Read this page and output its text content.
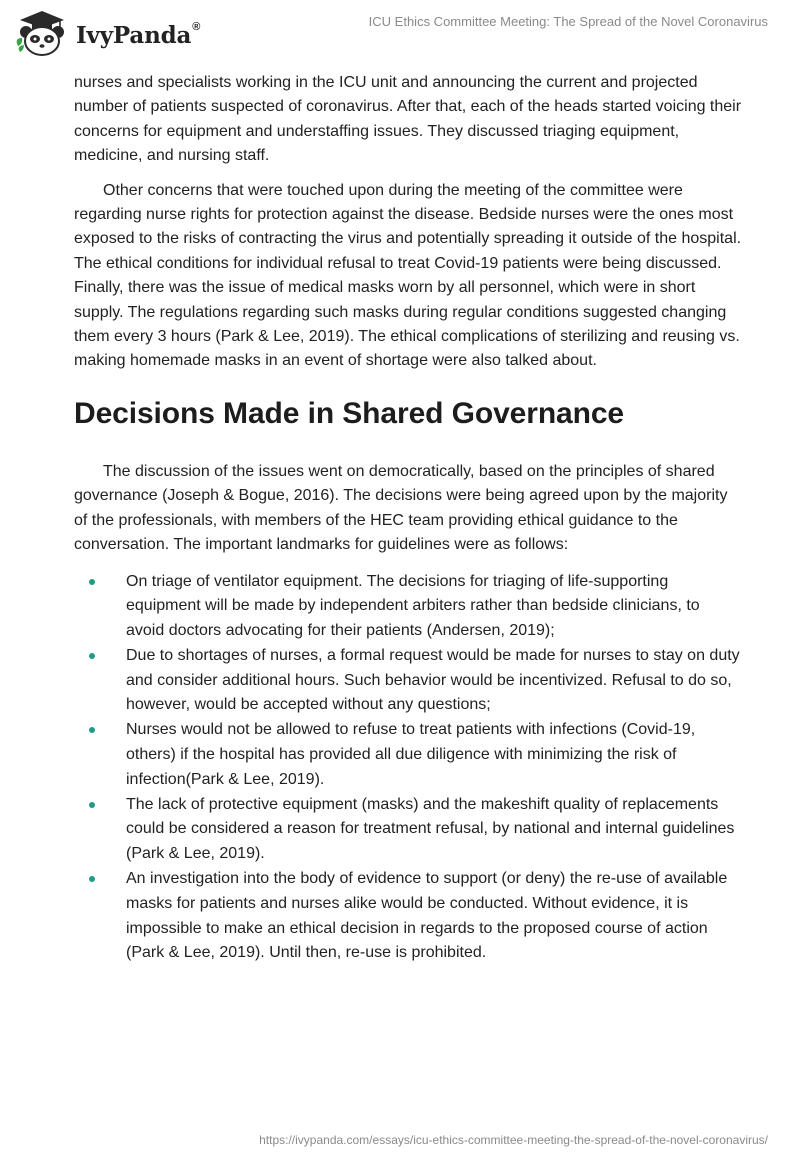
IvyPanda®	ICU Ethics Committee Meeting: The Spread of the Novel Coronavirus

nurses and specialists working in the ICU unit and announcing the current and projected number of patients suspected of coronavirus. After that, each of the heads started voicing their concerns for equipment and understaffing issues. They discussed triaging equipment, medicine, and nursing staff.

Other concerns that were touched upon during the meeting of the committee were regarding nurse rights for protection against the disease. Bedside nurses were the ones most exposed to the risks of contracting the virus and potentially spreading it outside of the hospital. The ethical conditions for individual refusal to treat Covid-19 patients were being discussed. Finally, there was the issue of medical masks worn by all personnel, which were in short supply. The regulations regarding such masks during regular conditions suggested changing them every 3 hours (Park & Lee, 2019). The ethical complications of sterilizing and reusing vs. making homemade masks in an event of shortage were also talked about.

Decisions Made in Shared Governance

The discussion of the issues went on democratically, based on the principles of shared governance (Joseph & Bogue, 2016). The decisions were being agreed upon by the majority of the professionals, with members of the HEC team providing ethical guidance to the conversation. The important landmarks for guidelines were as follows:

On triage of ventilator equipment. The decisions for triaging of life-supporting equipment will be made by independent arbiters rather than bedside clinicians, to avoid doctors advocating for their patients (Andersen, 2019);
Due to shortages of nurses, a formal request would be made for nurses to stay on duty and consider additional hours. Such behavior would be incentivized. Refusal to do so, however, would be accepted without any questions;
Nurses would not be allowed to refuse to treat patients with infections (Covid-19, others) if the hospital has provided all due diligence with minimizing the risk of infection(Park & Lee, 2019).
The lack of protective equipment (masks) and the makeshift quality of replacements could be considered a reason for treatment refusal, by national and internal guidelines (Park & Lee, 2019).
An investigation into the body of evidence to support (or deny) the re-use of available masks for patients and nurses alike would be conducted. Without evidence, it is impossible to make an ethical decision in regards to the proposed course of action (Park & Lee, 2019). Until then, re-use is prohibited.
https://ivypanda.com/essays/icu-ethics-committee-meeting-the-spread-of-the-novel-coronavirus/
